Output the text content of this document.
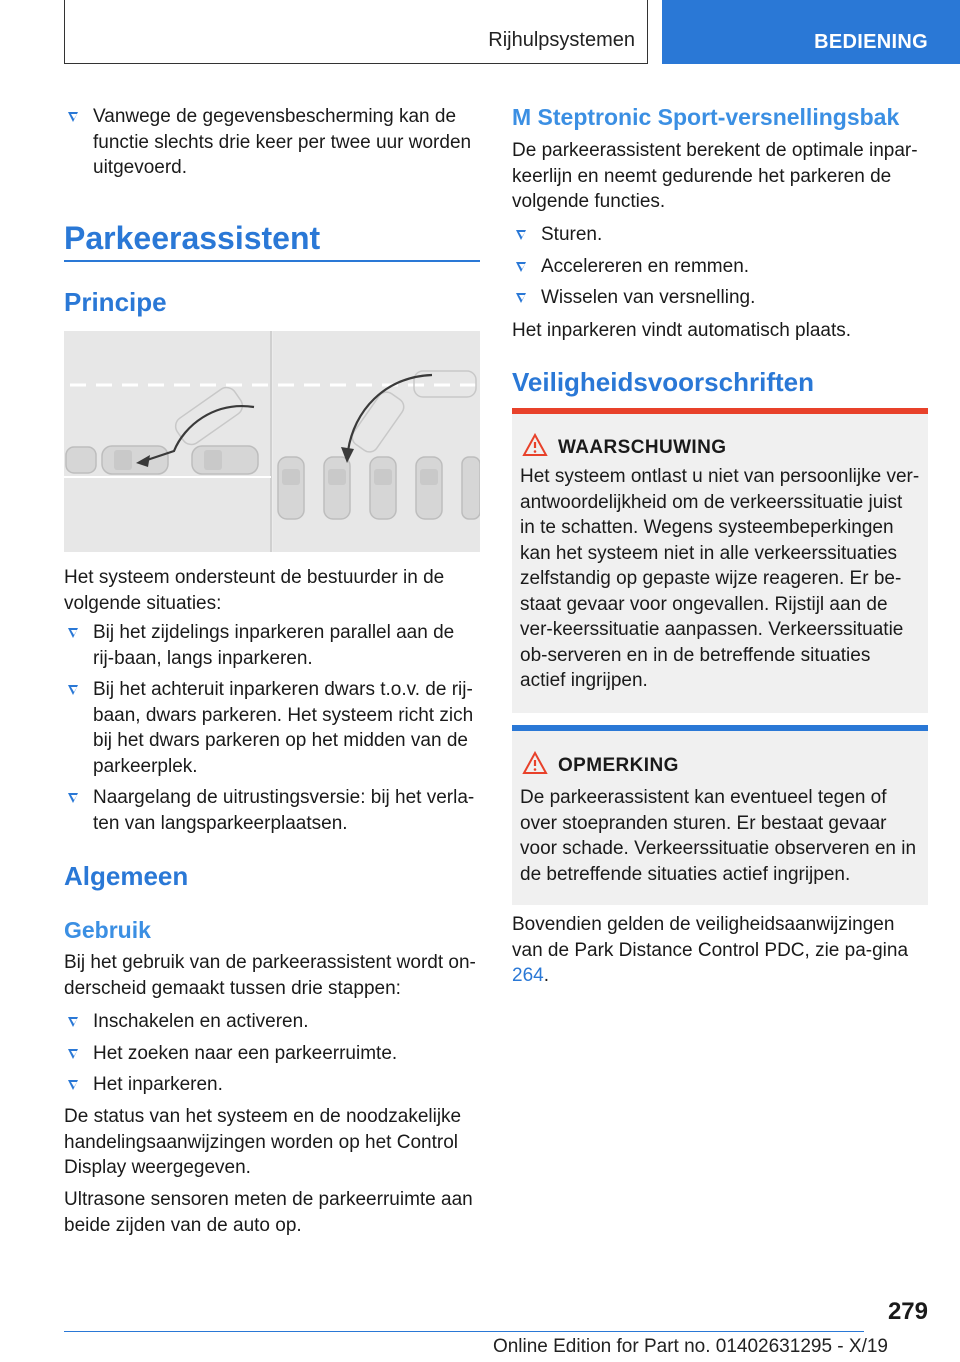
Rijhulpsystemen	BEDIENING
Vanwege de gegevensbescherming kan de functie slechts drie keer per twee uur worden uitgevoerd.
Parkeerassistent
Principe

Het systeem ondersteunt de bestuurder in de volgende situaties:

Bij het zijdelings inparkeren parallel aan de rij-baan, langs inparkeren.
Bij het achteruit inparkeren dwars t.o.v. de rij-baan, dwars parkeren. Het systeem richt zich bij het dwars parkeren op het midden van de parkeerplek.
Naargelang de uitrustingsversie: bij het verla-ten van langsparkeerplaatsen.
Algemeen
Gebruik

Bij het gebruik van de parkeerassistent wordt on-derscheid gemaakt tussen drie stappen:

Inschakelen en activeren.
Het zoeken naar een parkeerruimte.
Het inparkeren.

De status van het systeem en de noodzakelijke handelingsaanwijzingen worden op het Control Display weergegeven.

Ultrasone sensoren meten de parkeerruimte aan beide zijden van de auto op.

M Steptronic Sport-versnellingsbak

De parkeerassistent berekent de optimale inpar-keerlijn en neemt gedurende het parkeren de volgende functies.

Sturen.
Accelereren en remmen.
Wisselen van versnelling.

Het inparkeren vindt automatisch plaats.

Veiligheidsvoorschriften
WAARSCHUWING
Het systeem ontlast u niet van persoonlijke ver-antwoordelijkheid om de verkeerssituatie juist in te schatten. Wegens systeembeperkingen kan het systeem niet in alle verkeerssituaties zelfstandig op gepaste wijze reageren. Er be-staat gevaar voor ongevallen. Rijstijl aan de ver-keerssituatie aanpassen. Verkeerssituatie ob-serveren en in de betreffende situaties actief ingrijpen.
OPMERKING
De parkeerassistent kan eventueel tegen of over stoepranden sturen. Er bestaat gevaar voor schade. Verkeerssituatie observeren en in de betreffende situaties actief ingrijpen.

Bovendien gelden de veiligheidsaanwijzingen van de Park Distance Control PDC, zie pa-gina 264.

279
Online Edition for Part no. 01402631295 - X/19
